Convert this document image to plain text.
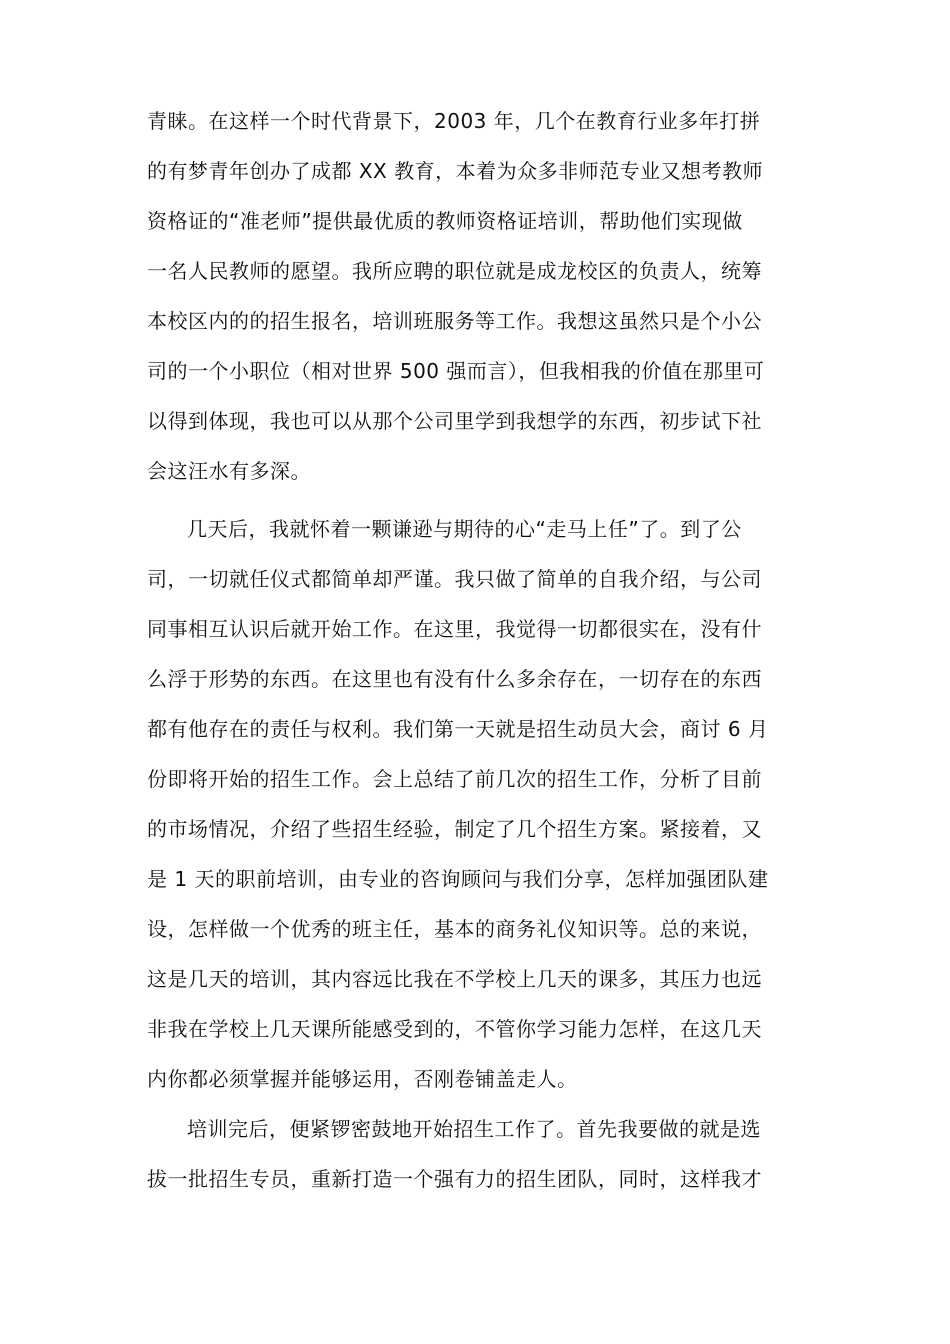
青睐。在这样一个时代背景下，2003 年，几个在教育行业多年打拼
的有梦青年创办了成都 XX 教育，本着为众多非师范专业又想考教师
资格证的“准老师”提供最优质的教师资格证培训，帮助他们实现做
一名人民教师的愿望。我所应聘的职位就是成龙校区的负责人，统筹
本校区内的的招生报名，培训班服务等工作。我想这虽然只是个小公
司的一个小职位（相对世界 500 强而言），但我相我的价值在那里可
以得到体现，我也可以从那个公司里学到我想学的东西，初步试下社
会这汪水有多深。
几天后，我就怀着一颗谦逊与期待的心“走马上任”了。到了公
司，一切就任仪式都简单却严谨。我只做了简单的自我介绍，与公司
同事相互认识后就开始工作。在这里，我觉得一切都很实在，没有什
么浮于形势的东西。在这里也有没有什么多余存在，一切存在的东西
都有他存在的责任与权利。我们第一天就是招生动员大会，商讨 6 月
份即将开始的招生工作。会上总结了前几次的招生工作，分析了目前
的市场情况，介绍了些招生经验，制定了几个招生方案。紧接着，又
是 1 天的职前培训，由专业的咨询顾问与我们分享，怎样加强团队建
设，怎样做一个优秀的班主任，基本的商务礼仪知识等。总的来说，
这是几天的培训，其内容远比我在不学校上几天的课多，其压力也远
非我在学校上几天课所能感受到的，不管你学习能力怎样，在这几天
内你都必须掌握并能够运用，否刚卷铺盖走人。
培训完后，便紧锣密鼓地开始招生工作了。首先我要做的就是选
拔一批招生专员，重新打造一个强有力的招生团队，同时，这样我才
